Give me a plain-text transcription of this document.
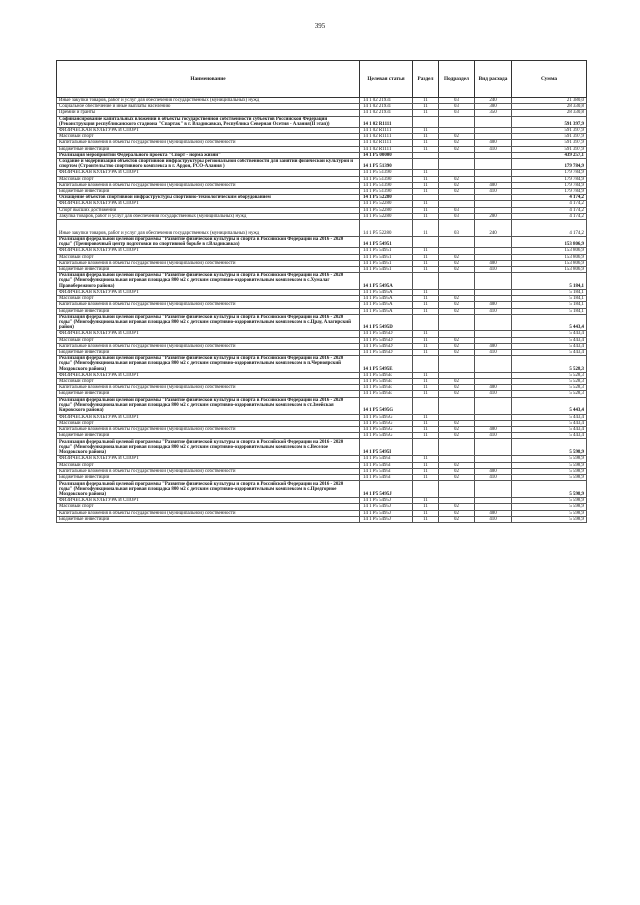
395
Наименование	Целевая статья	Раздел	Подраздел	Вид расхода	Сумма
Иные закупки товаров, работ и услуг для обеспечения государственных (муниципальных) нужд	14 1 02 21931	11	03	240	21 380,0
Социальное обеспечение и иные выплаты населению	14 1 02 21931	11	03	300	28 330,8
Премии и гранты	14 1 02 21931	11	03	350	28 330,8
Софинансирование капитальных вложений в объекты государственной собственности субъектов Российской Федерации (Реконструкция республиканского стадиона "Спартак" в г. Владикавказ, Республика Северная Осетия - Алания(II этап))	14 1 02 R1111				591 397,9
ФИЗИЧЕСКАЯ КУЛЬТУРА И СПОРТ	14 1 02 R1111	11			591 397,9
Массовый спорт	14 1 02 R1111	11	02		591 397,9
Капитальные вложения в объекты государственной (муниципальной) собственности	14 1 02 R1111	11	02	400	591 397,9
Бюджетные инвестиции	14 1 02 R1111	11	02	410	591 397,9
Реализация мероприятий Федерального проекта "Спорт - норма жизни"	14 1 P5 00000				439 257,1
Создание и модернизация объектов спортивной инфраструктуры региональной собственности для занятий физической культурой и спортом (Строительство спортивного комплекса в г. Ардон, РСО-Алания )	14 1 P5 51390				179 784,9
ФИЗИЧЕСКАЯ КУЛЬТУРА И СПОРТ	14 1 P5 51390	11			179 784,9
Массовый спорт	14 1 P5 51390	11	02		179 784,9
Капитальные вложения в объекты государственной (муниципальной) собственности	14 1 P5 51390	11	02	400	179 784,9
Бюджетные инвестиции	14 1 P5 51390	11	02	410	179 784,9
Оснащение объектов спортивной инфраструктуры спортивно-технологическим оборудованием	14 1 P5 52280				4 174,2
ФИЗИЧЕСКАЯ КУЛЬТУРА И СПОРТ	14 1 P5 52280	11			4 174,2
Спорт высших достижений	14 1 P5 52280	11	03		4 174,2
Закупка товаров, работ и услуг для обеспечения государственных (муниципальных) нужд	14 1 P5 52280	11	03	200	4 174,2
Иные закупки товаров, работ и услуг для обеспечения государственных (муниципальных) нужд	14 1 P5 52280	11	03	240	4 174,2
Реализация федеральной целевой программы "Развитие физической культуры и спорта в Российской Федерации на 2016 - 2020 годы" (Тренировочный центр подготовки по спортивной борьбе в г.Владикавказ)	14 1 P5 54951				153 806,9
ФИЗИЧЕСКАЯ КУЛЬТУРА И СПОРТ	14 1 P5 54951	11			153 806,9
Массовый спорт	14 1 P5 54951	11	02		153 806,9
Капитальные вложения в объекты государственной (муниципальной) собственности	14 1 P5 54951	11	02	400	153 806,9
Бюджетные инвестиции	14 1 P5 54951	11	02	410	153 806,9
Реализация федеральной целевой программы "Развитие физической культуры и спорта в Российской Федерации на 2016 - 2020 годы" (Многофункциональная игровая площадка 800 м2 с детским спортивно-оздоровительным комплексом в с.Хумалаг Правобережного района)	14 1 P5 5495A				5 184,1
ФИЗИЧЕСКАЯ КУЛЬТУРА И СПОРТ	14 1 P5 5495A	11			5 184,1
Массовый спорт	14 1 P5 5495A	11	02		5 184,1
Капитальные вложения в объекты государственной (муниципальной) собственности	14 1 P5 5495A	11	02	400	5 184,1
Бюджетные инвестиции	14 1 P5 5495A	11	02	410	5 184,1
Реализация федеральной целевой программы "Развитие физической культуры и спорта в Российской Федерации на 2016 - 2020 годы" (Многофункциональная игровая площадка 800 м2 с детским спортивно-оздоровительным комплексом в с.Црау, Алагирский район)	14 1 P5 5495D				5 443,4
ФИЗИЧЕСКАЯ КУЛЬТУРА И СПОРТ	14 1 P5 5495D	11			5 443,4
Массовый спорт	14 1 P5 5495D	11	02		5 443,4
Капитальные вложения в объекты государственной (муниципальной) собственности	14 1 P5 5495D	11	02	400	5 443,4
Бюджетные инвестиции	14 1 P5 5495D	11	02	410	5 443,4
Реализация федеральной целевой программы "Развитие физической культуры и спорта в Российской Федерации на 2016 - 2020 годы" (Многофункциональная игровая площадка 800 м2 с детским спортивно-оздоровительным комплексом в п.Черноярский Моздокского района)	14 1 P5 5495E				5 528,3
ФИЗИЧЕСКАЯ КУЛЬТУРА И СПОРТ	14 1 P5 5495E	11			5 528,3
Массовый спорт	14 1 P5 5495E	11	02		5 528,3
Капитальные вложения в объекты государственной (муниципальной) собственности	14 1 P5 5495E	11	02	400	5 528,3
Бюджетные инвестиции	14 1 P5 5495E	11	02	410	5 528,3
Реализация федеральной целевой программы "Развитие физической культуры и спорта в Российской Федерации на 2016 - 2020 годы" (Многофункциональная игровая площадка 800 м2 с детским спортивно-оздоровительным комплексом в ст.Змейская Кировского района)	14 1 P5 5495G				5 443,4
ФИЗИЧЕСКАЯ КУЛЬТУРА И СПОРТ	14 1 P5 5495G	11			5 443,4
Массовый спорт	14 1 P5 5495G	11	02		5 443,4
Капитальные вложения в объекты государственной (муниципальной) собственности	14 1 P5 5495G	11	02	400	5 443,4
Бюджетные инвестиции	14 1 P5 5495G	11	02	410	5 443,4
Реализация федеральной целевой программы "Развитие физической культуры и спорта в Российской Федерации на 2016 - 2020 годы" (Многофункциональная игровая площадка 800 м2 с детским спортивно-оздоровительным комплексом в с.Веселое Моздокского района)	14 1 P5 5495I				5 598,9
ФИЗИЧЕСКАЯ КУЛЬТУРА И СПОРТ	14 1 P5 5495I	11			5 598,9
Массовый спорт	14 1 P5 5495I	11	02		5 598,9
Капитальные вложения в объекты государственной (муниципальной) собственности	14 1 P5 5495I	11	02	400	5 598,9
Бюджетные инвестиции	14 1 P5 5495I	11	02	410	5 598,9
Реализация федеральной целевой программы "Развитие физической культуры и спорта в Российской Федерации на 2016 - 2020 годы" (Многофункциональная игровая площадка 800 м2 с детским спортивно-оздоровительным комплексом в с.Предгорное Моздокского района)	14 1 P5 5495J				5 598,9
ФИЗИЧЕСКАЯ КУЛЬТУРА И СПОРТ	14 1 P5 5495J	11			5 598,9
Массовый спорт	14 1 P5 5495J	11	02		5 598,9
Капитальные вложения в объекты государственной (муниципальной) собственности	14 1 P5 5495J	11	02	400	5 598,9
Бюджетные инвестиции	14 1 P5 5495J	11	02	410	5 598,9
